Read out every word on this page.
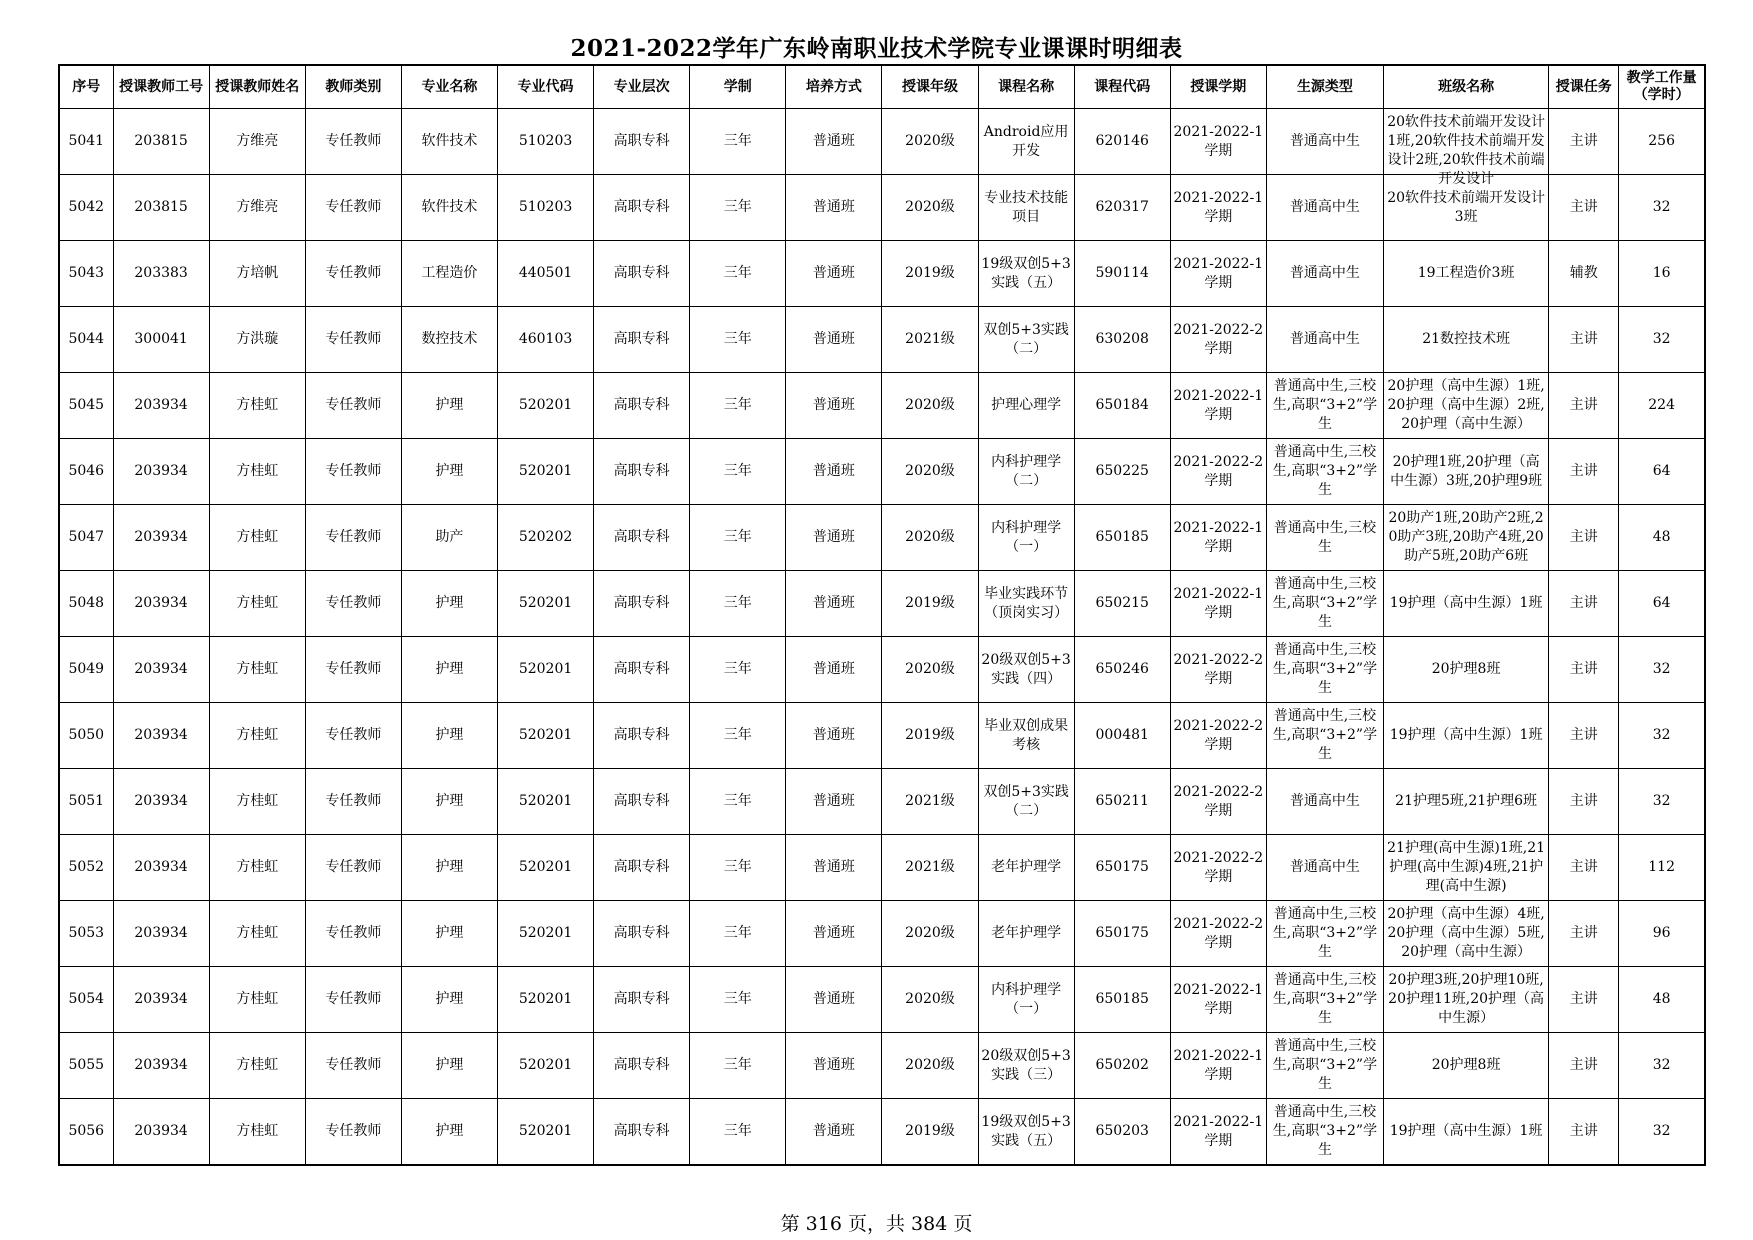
2021-2022学年广东岭南职业技术学院专业课课时明细表
序号	授课教师工号	授课教师姓名	教师类别	专业名称	专业代码	专业层次	学制	培养方式	授课年级	课程名称	课程代码	授课学期	生源类型	班级名称	授课任务	教学工作量（学时）

5041	203815	方维亮	专任教师	软件技术	510203	高职专科	三年	普通班	2020级	Android应用开发	620146	2021-2022-1学期	普通高中生	20软件技术前端开发设计1班,20软件技术前端开发设计2班,20软件技术前端开发设计	主讲	256

5042	203815	方维亮	专任教师	软件技术	510203	高职专科	三年	普通班	2020级	专业技术技能项目	620317	2021-2022-1学期	普通高中生	20软件技术前端开发设计3班	主讲	32

5043	203383	方培帆	专任教师	工程造价	440501	高职专科	三年	普通班	2019级	19级双创5+3实践（五）	590114	2021-2022-1学期	普通高中生	19工程造价3班	辅教	16

5044	300041	方洪璇	专任教师	数控技术	460103	高职专科	三年	普通班	2021级	双创5+3实践（二）	630208	2021-2022-2学期	普通高中生	21数控技术班	主讲	32

5045	203934	方桂虹	专任教师	护理	520201	高职专科	三年	普通班	2020级	护理心理学	650184	2021-2022-1学期	普通高中生,三校生,高职“3+2”学生	20护理（高中生源）1班,20护理（高中生源）2班,20护理（高中生源）	主讲	224

5046	203934	方桂虹	专任教师	护理	520201	高职专科	三年	普通班	2020级	内科护理学（二）	650225	2021-2022-2学期	普通高中生,三校生,高职“3+2”学生	20护理1班,20护理（高中生源）3班,20护理9班	主讲	64

5047	203934	方桂虹	专任教师	助产	520202	高职专科	三年	普通班	2020级	内科护理学（一）	650185	2021-2022-1学期	普通高中生,三校生	20助产1班,20助产2班,20助产3班,20助产4班,20助产5班,20助产6班	主讲	48

5048	203934	方桂虹	专任教师	护理	520201	高职专科	三年	普通班	2019级	毕业实践环节（顶岗实习）	650215	2021-2022-1学期	普通高中生,三校生,高职“3+2”学生	19护理（高中生源）1班	主讲	64

5049	203934	方桂虹	专任教师	护理	520201	高职专科	三年	普通班	2020级	20级双创5+3实践（四）	650246	2021-2022-2学期	普通高中生,三校生,高职“3+2”学生	20护理8班	主讲	32

5050	203934	方桂虹	专任教师	护理	520201	高职专科	三年	普通班	2019级	毕业双创成果考核	000481	2021-2022-2学期	普通高中生,三校生,高职“3+2”学生	19护理（高中生源）1班	主讲	32

5051	203934	方桂虹	专任教师	护理	520201	高职专科	三年	普通班	2021级	双创5+3实践（二）	650211	2021-2022-2学期	普通高中生	21护理5班,21护理6班	主讲	32

5052	203934	方桂虹	专任教师	护理	520201	高职专科	三年	普通班	2021级	老年护理学	650175	2021-2022-2学期	普通高中生	21护理(高中生源)1班,21护理(高中生源)4班,21护理(高中生源)	主讲	112

5053	203934	方桂虹	专任教师	护理	520201	高职专科	三年	普通班	2020级	老年护理学	650175	2021-2022-2学期	普通高中生,三校生,高职“3+2”学生	20护理（高中生源）4班,20护理（高中生源）5班,20护理（高中生源）	主讲	96

5054	203934	方桂虹	专任教师	护理	520201	高职专科	三年	普通班	2020级	内科护理学（一）	650185	2021-2022-1学期	普通高中生,三校生,高职“3+2”学生	20护理3班,20护理10班,20护理11班,20护理（高中生源）	主讲	48

5055	203934	方桂虹	专任教师	护理	520201	高职专科	三年	普通班	2020级	20级双创5+3实践（三）	650202	2021-2022-1学期	普通高中生,三校生,高职“3+2”学生	20护理8班	主讲	32

5056	203934	方桂虹	专任教师	护理	520201	高职专科	三年	普通班	2019级	19级双创5+3实践（五）	650203	2021-2022-1学期	普通高中生,三校生,高职“3+2”学生	19护理（高中生源）1班	主讲	32
第 316 页，共 384 页
